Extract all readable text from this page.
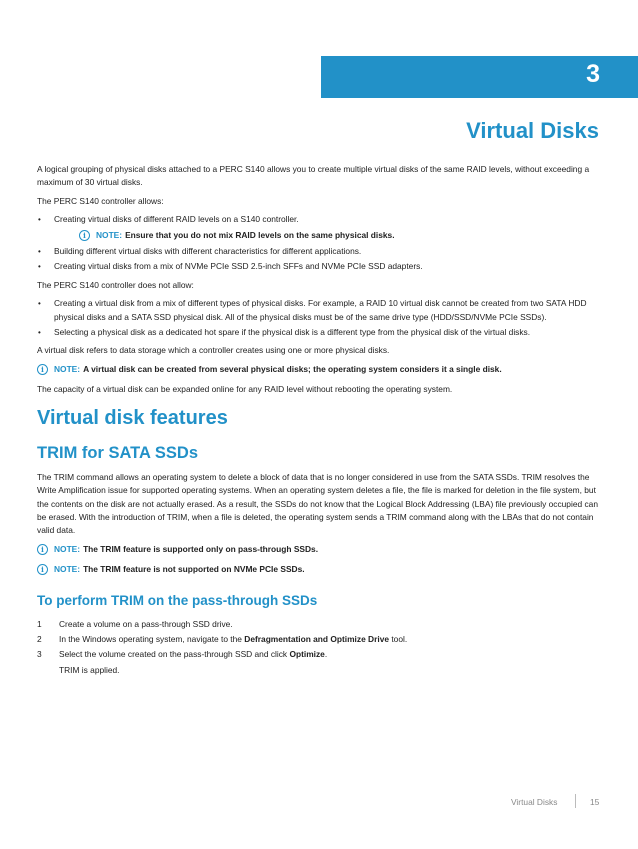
3
Virtual Disks

A logical grouping of physical disks attached to a PERC S140 allows you to create multiple virtual disks of the same RAID levels, without exceeding a maximum of 30 virtual disks.

The PERC S140 controller allows:

• Creating virtual disks of different RAID levels on a S140 controller.
i	NOTE: Ensure that you do not mix RAID levels on the same physical disks.
• Building different virtual disks with different characteristics for different applications.
• Creating virtual disks from a mix of NVMe PCIe SSD 2.5-inch SFFs and NVMe PCIe SSD adapters.

The PERC S140 controller does not allow:

• Creating a virtual disk from a mix of different types of physical disks. For example, a RAID 10 virtual disk cannot be created from two SATA HDD physical disks and a SATA SSD physical disk. All of the physical disks must be of the same drive type (HDD/SSD/NVMe PCIe SSDs).
• Selecting a physical disk as a dedicated hot spare if the physical disk is a different type from the physical disk of the virtual disks.

A virtual disk refers to data storage which a controller creates using one or more physical disks.

i	NOTE: A virtual disk can be created from several physical disks; the operating system considers it a single disk.

The capacity of a virtual disk can be expanded online for any RAID level without rebooting the operating system.

Virtual disk features
TRIM for SATA SSDs

The TRIM command allows an operating system to delete a block of data that is no longer considered in use from the SATA SSDs. TRIM resolves the Write Amplification issue for supported operating systems. When an operating system deletes a file, the file is marked for deletion in the file system, but the contents on the disk are not actually erased. As a result, the SSDs do not know that the Logical Block Addressing (LBA) file previously occupied can be erased. With the introduction of TRIM, when a file is deleted, the operating system sends a TRIM command along with the LBAs that do not contain valid data.

i	NOTE: The TRIM feature is supported only on pass-through SSDs.
i	NOTE: The TRIM feature is not supported on NVMe PCIe SSDs.
To perform TRIM on the pass-through SSDs
1	Create a volume on a pass-through SSD drive.
2	In the Windows operating system, navigate to the Defragmentation and Optimize Drive tool.
3	Select the volume created on the pass-through SSD and click Optimize.
TRIM is applied.
Virtual Disks	15
